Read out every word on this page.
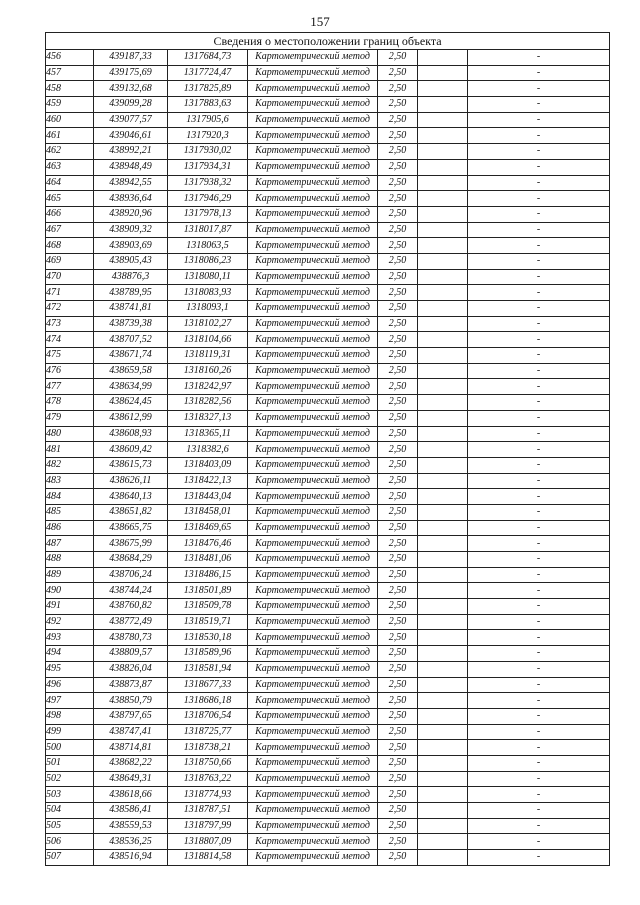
157
Сведения о местоположении границ объекта						
456	439187,33	1317684,73	Картометрический метод	2,50		-
457	439175,69	1317724,47	Картометрический метод	2,50		-
458	439132,68	1317825,89	Картометрический метод	2,50		-
459	439099,28	1317883,63	Картометрический метод	2,50		-
460	439077,57	1317905,6	Картометрический метод	2,50		-
461	439046,61	1317920,3	Картометрический метод	2,50		-
462	438992,21	1317930,02	Картометрический метод	2,50		-
463	438948,49	1317934,31	Картометрический метод	2,50		-
464	438942,55	1317938,32	Картометрический метод	2,50		-
465	438936,64	1317946,29	Картометрический метод	2,50		-
466	438920,96	1317978,13	Картометрический метод	2,50		-
467	438909,32	1318017,87	Картометрический метод	2,50		-
468	438903,69	1318063,5	Картометрический метод	2,50		-
469	438905,43	1318086,23	Картометрический метод	2,50		-
470	438876,3	1318080,11	Картометрический метод	2,50		-
471	438789,95	1318083,93	Картометрический метод	2,50		-
472	438741,81	1318093,1	Картометрический метод	2,50		-
473	438739,38	1318102,27	Картометрический метод	2,50		-
474	438707,52	1318104,66	Картометрический метод	2,50		-
475	438671,74	1318119,31	Картометрический метод	2,50		-
476	438659,58	1318160,26	Картометрический метод	2,50		-
477	438634,99	1318242,97	Картометрический метод	2,50		-
478	438624,45	1318282,56	Картометрический метод	2,50		-
479	438612,99	1318327,13	Картометрический метод	2,50		-
480	438608,93	1318365,11	Картометрический метод	2,50		-
481	438609,42	1318382,6	Картометрический метод	2,50		-
482	438615,73	1318403,09	Картометрический метод	2,50		-
483	438626,11	1318422,13	Картометрический метод	2,50		-
484	438640,13	1318443,04	Картометрический метод	2,50		-
485	438651,82	1318458,01	Картометрический метод	2,50		-
486	438665,75	1318469,65	Картометрический метод	2,50		-
487	438675,99	1318476,46	Картометрический метод	2,50		-
488	438684,29	1318481,06	Картометрический метод	2,50		-
489	438706,24	1318486,15	Картометрический метод	2,50		-
490	438744,24	1318501,89	Картометрический метод	2,50		-
491	438760,82	1318509,78	Картометрический метод	2,50		-
492	438772,49	1318519,71	Картометрический метод	2,50		-
493	438780,73	1318530,18	Картометрический метод	2,50		-
494	438809,57	1318589,96	Картометрический метод	2,50		-
495	438826,04	1318581,94	Картометрический метод	2,50		-
496	438873,87	1318677,33	Картометрический метод	2,50		-
497	438850,79	1318686,18	Картометрический метод	2,50		-
498	438797,65	1318706,54	Картометрический метод	2,50		-
499	438747,41	1318725,77	Картометрический метод	2,50		-
500	438714,81	1318738,21	Картометрический метод	2,50		-
501	438682,22	1318750,66	Картометрический метод	2,50		-
502	438649,31	1318763,22	Картометрический метод	2,50		-
503	438618,66	1318774,93	Картометрический метод	2,50		-
504	438586,41	1318787,51	Картометрический метод	2,50		-
505	438559,53	1318797,99	Картометрический метод	2,50		-
506	438536,25	1318807,09	Картометрический метод	2,50		-
507	438516,94	1318814,58	Картометрический метод	2,50		-
